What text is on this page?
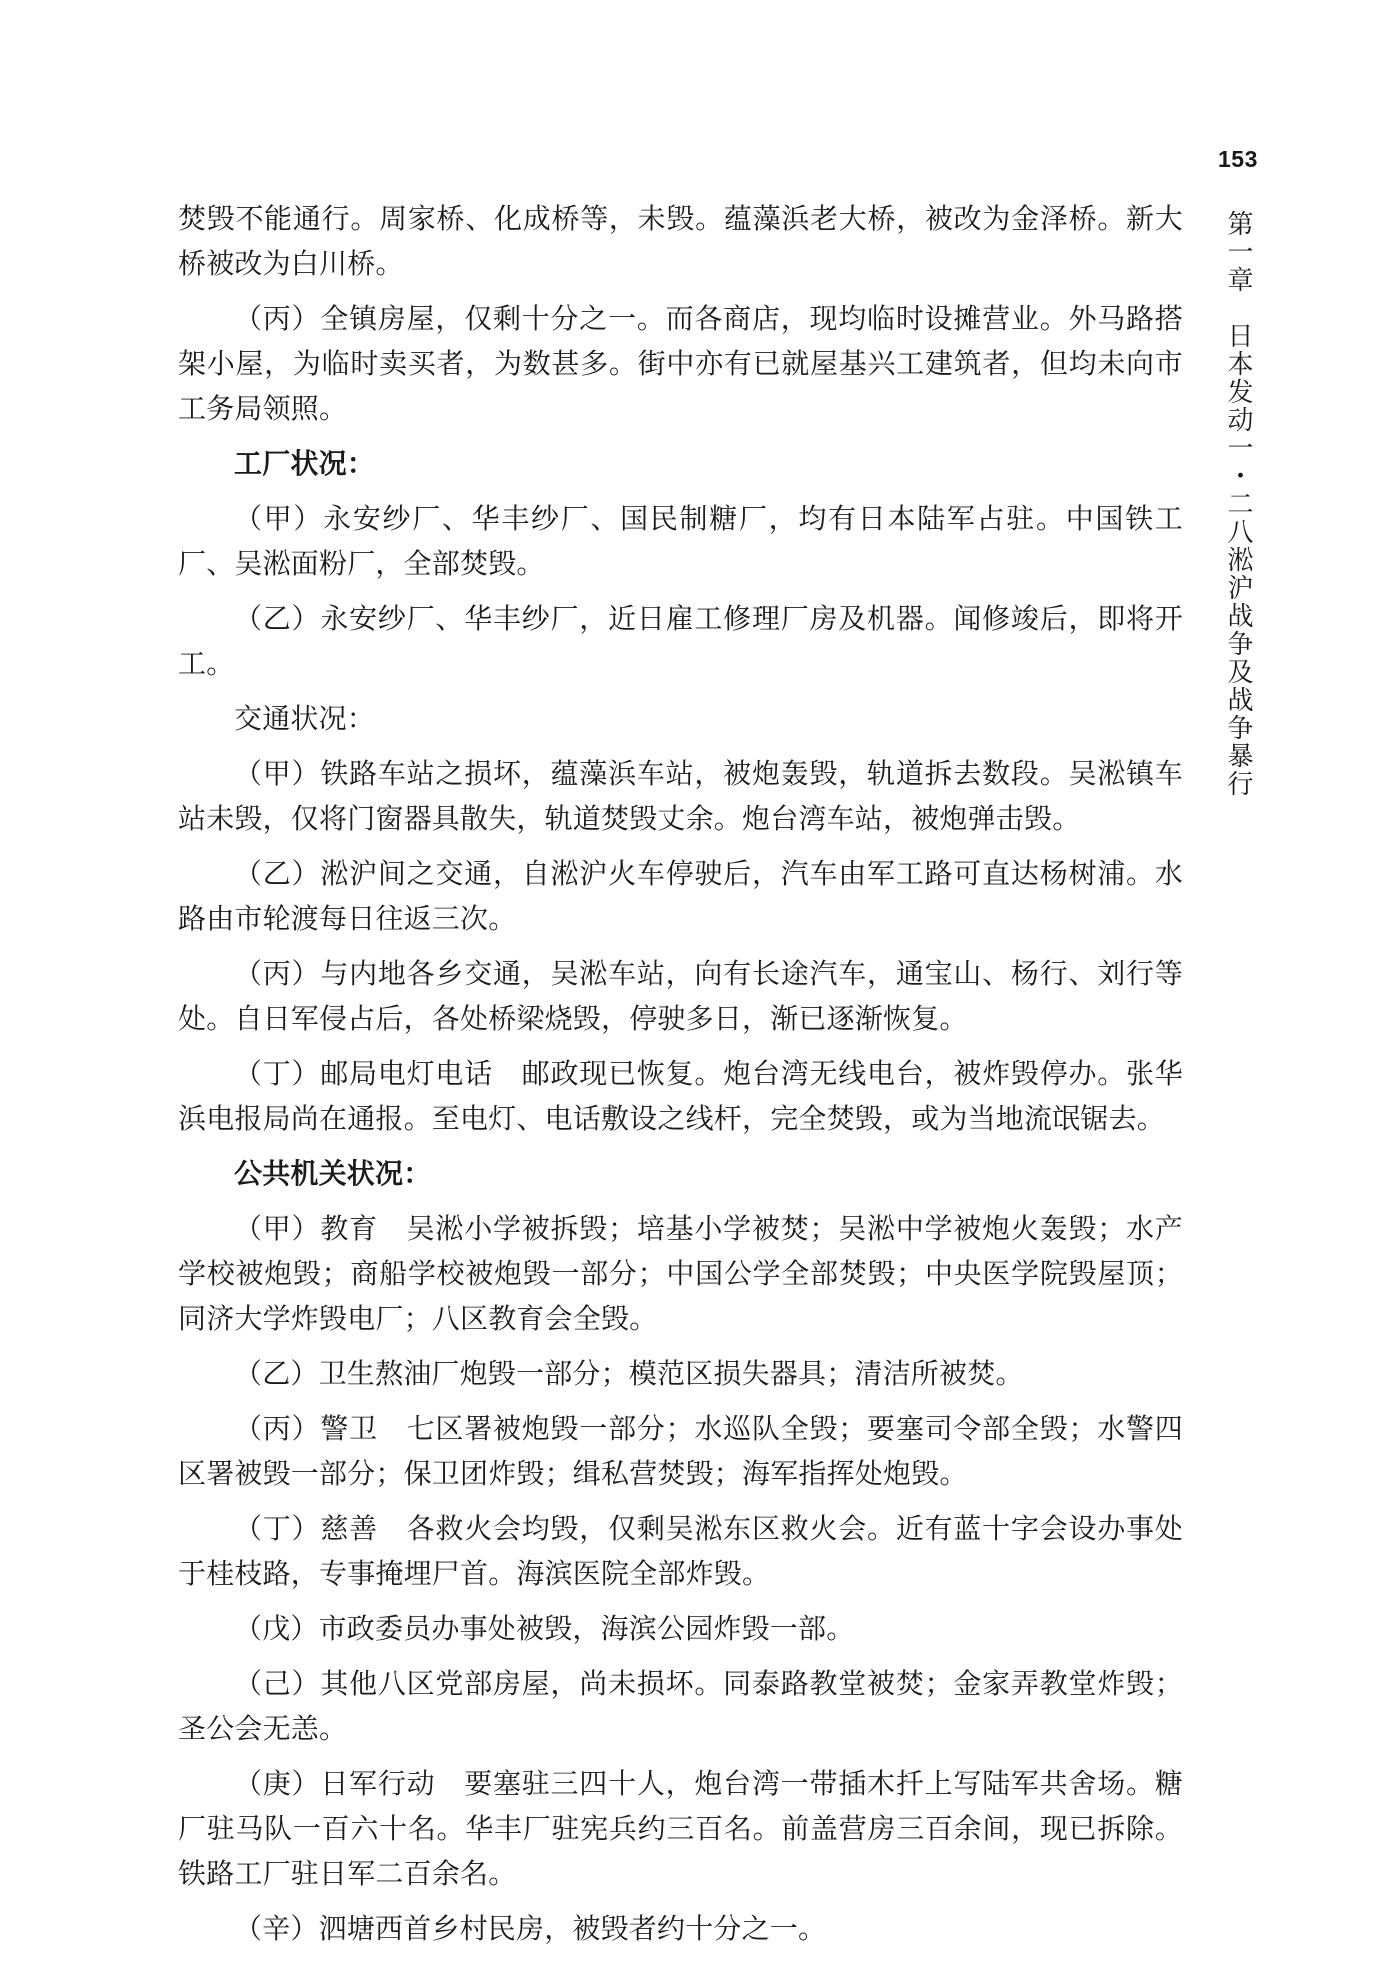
153
第一章　日本发动一・二八淞沪战争及战争暴行

焚毁不能通行。周家桥、化成桥等，未毁。蕴藻浜老大桥，被改为金泽桥。新大桥被改为白川桥。

（丙）全镇房屋，仅剩十分之一。而各商店，现均临时设摊营业。外马路搭架小屋，为临时卖买者，为数甚多。街中亦有已就屋基兴工建筑者，但均未向市工务局领照。

工厂状况：

（甲）永安纱厂、华丰纱厂、国民制糖厂，均有日本陆军占驻。中国铁工厂、吴淞面粉厂，全部焚毁。

（乙）永安纱厂、华丰纱厂，近日雇工修理厂房及机器。闻修竣后，即将开工。

交通状况：

（甲）铁路车站之损坏，蕴藻浜车站，被炮轰毁，轨道拆去数段。吴淞镇车站未毁，仅将门窗器具散失，轨道焚毁丈余。炮台湾车站，被炮弹击毁。

（乙）淞沪间之交通，自淞沪火车停驶后，汽车由军工路可直达杨树浦。水路由市轮渡每日往返三次。

（丙）与内地各乡交通，吴淞车站，向有长途汽车，通宝山、杨行、刘行等处。自日军侵占后，各处桥梁烧毁，停驶多日，渐已逐渐恢复。

（丁）邮局电灯电话　邮政现已恢复。炮台湾无线电台，被炸毁停办。张华浜电报局尚在通报。至电灯、电话敷设之线杆，完全焚毁，或为当地流氓锯去。

公共机关状况：

（甲）教育　吴淞小学被拆毁；培基小学被焚；吴淞中学被炮火轰毁；水产学校被炮毁；商船学校被炮毁一部分；中国公学全部焚毁；中央医学院毁屋顶；同济大学炸毁电厂；八区教育会全毁。

（乙）卫生熬油厂炮毁一部分；模范区损失器具；清洁所被焚。

（丙）警卫　七区署被炮毁一部分；水巡队全毁；要塞司令部全毁；水警四区署被毁一部分；保卫团炸毁；缉私营焚毁；海军指挥处炮毁。

（丁）慈善　各救火会均毁，仅剩吴淞东区救火会。近有蓝十字会设办事处于桂枝路，专事掩埋尸首。海滨医院全部炸毁。

（戊）市政委员办事处被毁，海滨公园炸毁一部。

（己）其他八区党部房屋，尚未损坏。同泰路教堂被焚；金家弄教堂炸毁；圣公会无恙。

（庚）日军行动　要塞驻三四十人，炮台湾一带插木扦上写陆军共舍场。糖厂驻马队一百六十名。华丰厂驻宪兵约三百名。前盖营房三百余间，现已拆除。铁路工厂驻日军二百余名。

（辛）泗塘西首乡村民房，被毁者约十分之一。
